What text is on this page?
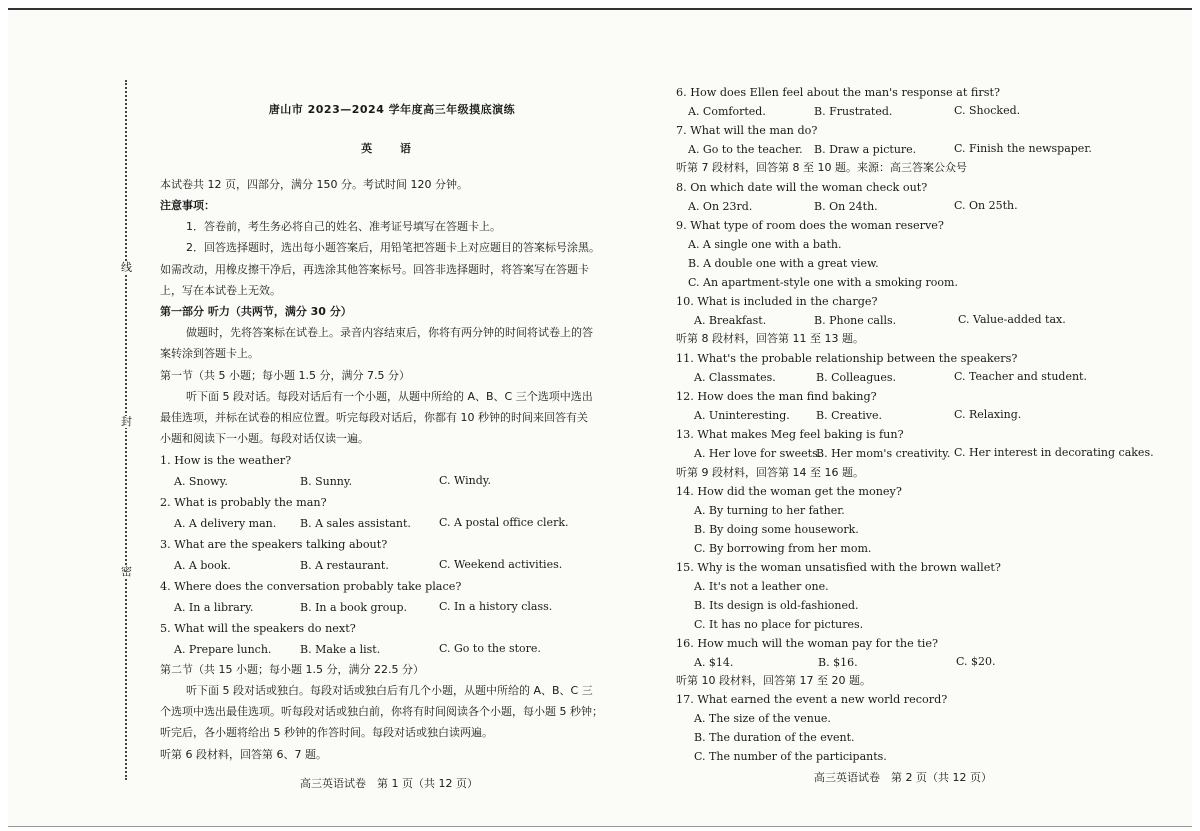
线
封
密
唐山市 2023—2024 学年度高三年级摸底演练
英 语
本试卷共 12 页，四部分，满分 150 分。考试时间 120 分钟。
注意事项：
1．答卷前，考生务必将自己的姓名、准考证号填写在答题卡上。
2．回答选择题时，选出每小题答案后，用铅笔把答题卡上对应题目的答案标号涂黑。
如需改动，用橡皮擦干净后，再选涂其他答案标号。回答非选择题时，将答案写在答题卡
上，写在本试卷上无效。
第一部分 听力（共两节，满分 30 分）
做题时，先将答案标在试卷上。录音内容结束后，你将有两分钟的时间将试卷上的答
案转涂到答题卡上。
第一节（共 5 小题；每小题 1.5 分，满分 7.5 分）
听下面 5 段对话。每段对话后有一个小题，从题中所给的 A、B、C 三个选项中选出
最佳选项，并标在试卷的相应位置。听完每段对话后，你都有 10 秒钟的时间来回答有关
小题和阅读下一小题。每段对话仅读一遍。
1. How is the weather?
A. Snowy.	B. Sunny.	C. Windy.
2. What is probably the man?
A. A delivery man. B. A sales assistant.	C. A postal office clerk.
3. What are the speakers talking about?
A. A book.	B. A restaurant.	C. Weekend activities.
4. Where does the conversation probably take place?
A. In a library.	B. In a book group.	C. In a history class.
5. What will the speakers do next?
A. Prepare lunch.	B. Make a list.	C. Go to the store.
第二节（共 15 小题；每小题 1.5 分，满分 22.5 分）
听下面 5 段对话或独白。每段对话或独白后有几个小题，从题中所给的 A、B、C 三
个选项中选出最佳选项。听每段对话或独白前，你将有时间阅读各个小题，每小题 5 秒钟；
听完后，各小题将给出 5 秒钟的作答时间。每段对话或独白读两遍。
听第 6 段材料，回答第 6、7 题。
高三英语试卷　第 1 页（共 12 页）
6. How does Ellen feel about the man's response at first?
A. Comforted.	B. Frustrated.	C. Shocked.
7. What will the man do?
A. Go to the teacher. B. Draw a picture.	C. Finish the newspaper.
听第 7 段材料，回答第 8 至 10 题。来源：高三答案公众号
8. On which date will the woman check out?
A. On 23rd.	B. On 24th.	C. On 25th.
9. What type of room does the woman reserve?
A. A single one with a bath.
B. A double one with a great view.
C. An apartment-style one with a smoking room.
10. What is included in the charge?
A. Breakfast.	B. Phone calls.	C. Value-added tax.
听第 8 段材料，回答第 11 至 13 题。
11. What's the probable relationship between the speakers?
A. Classmates.	B. Colleagues.	C. Teacher and student.
12. How does the man find baking?
A. Uninteresting. B. Creative.	C. Relaxing.
13. What makes Meg feel baking is fun?
A. Her love for sweets.
B. Her mom's creativity. C. Her interest in decorating cakes.
听第 9 段材料，回答第 14 至 16 题。
14. How did the woman get the money?
A. By turning to her father.
B. By doing some housework.
C. By borrowing from her mom.
15. Why is the woman unsatisfied with the brown wallet?
A. It's not a leather one.
B. Its design is old-fashioned.
C. It has no place for pictures.
16. How much will the woman pay for the tie?
A. $14.	B. $16.	C. $20.
听第 10 段材料，回答第 17 至 20 题。
17. What earned the event a new world record?
A. The size of the venue.
B. The duration of the event.
C. The number of the participants.
高三英语试卷　第 2 页（共 12 页）
